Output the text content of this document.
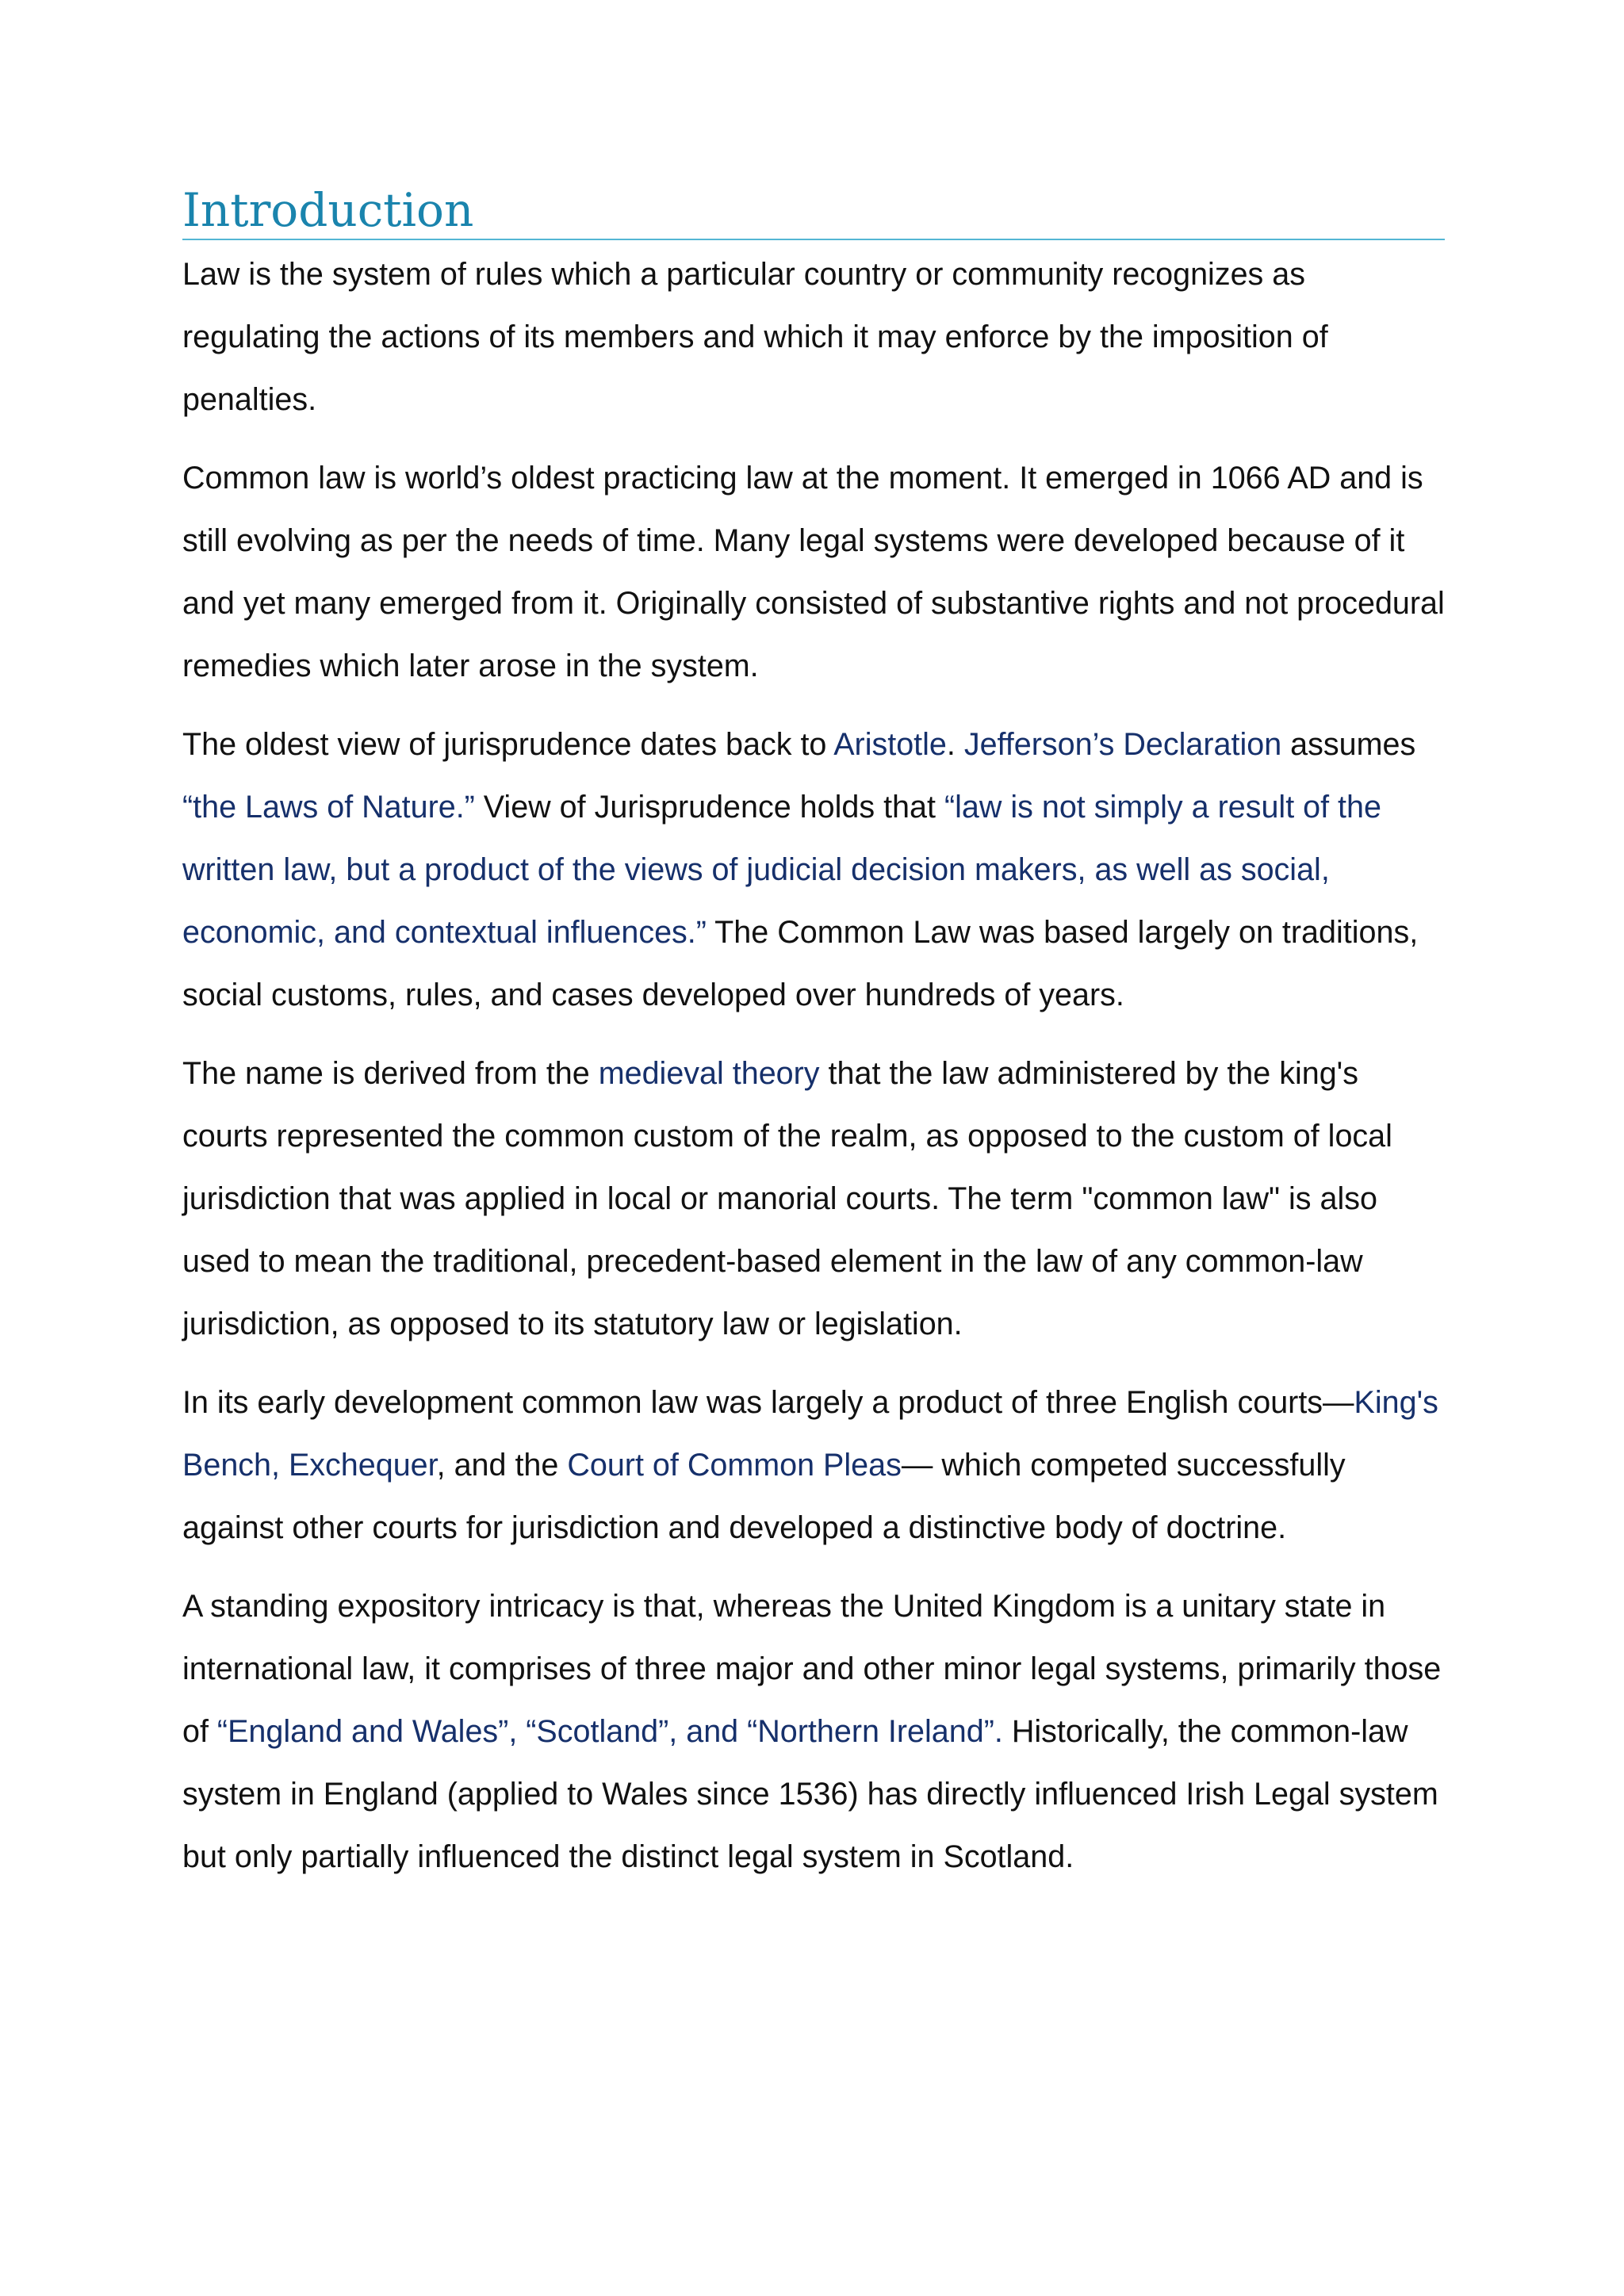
Introduction

Law is the system of rules which a particular country or community recognizes as regulating the actions of its members and which it may enforce by the imposition of penalties.

Common law is world’s oldest practicing law at the moment. It emerged in 1066 AD and is still evolving as per the needs of time. Many legal systems were developed because of it and yet many emerged from it. Originally consisted of substantive rights and not procedural remedies which later arose in the system.

The oldest view of jurisprudence dates back to Aristotle. Jefferson’s Declaration assumes “the Laws of Nature.” View of Jurisprudence holds that “law is not simply a result of the written law, but a product of the views of judicial decision makers, as well as social, economic, and contextual influences.” The Common Law was based largely on traditions, social customs, rules, and cases developed over hundreds of years.

The name is derived from the medieval theory that the law administered by the king's courts represented the common custom of the realm, as opposed to the custom of local jurisdiction that was applied in local or manorial courts. The term "common law" is also used to mean the traditional, precedent-based element in the law of any common-law jurisdiction, as opposed to its statutory law or legislation.

In its early development common law was largely a product of three English courts—King's Bench, Exchequer, and the Court of Common Pleas— which competed successfully against other courts for jurisdiction and developed a distinctive body of doctrine.

A standing expository intricacy is that, whereas the United Kingdom is a unitary state in international law, it comprises of three major and other minor legal systems, primarily those of “England and Wales”, “Scotland”, and “Northern Ireland”. Historically, the common-law system in England (applied to Wales since 1536) has directly influenced Irish Legal system but only partially influenced the distinct legal system in Scotland.
